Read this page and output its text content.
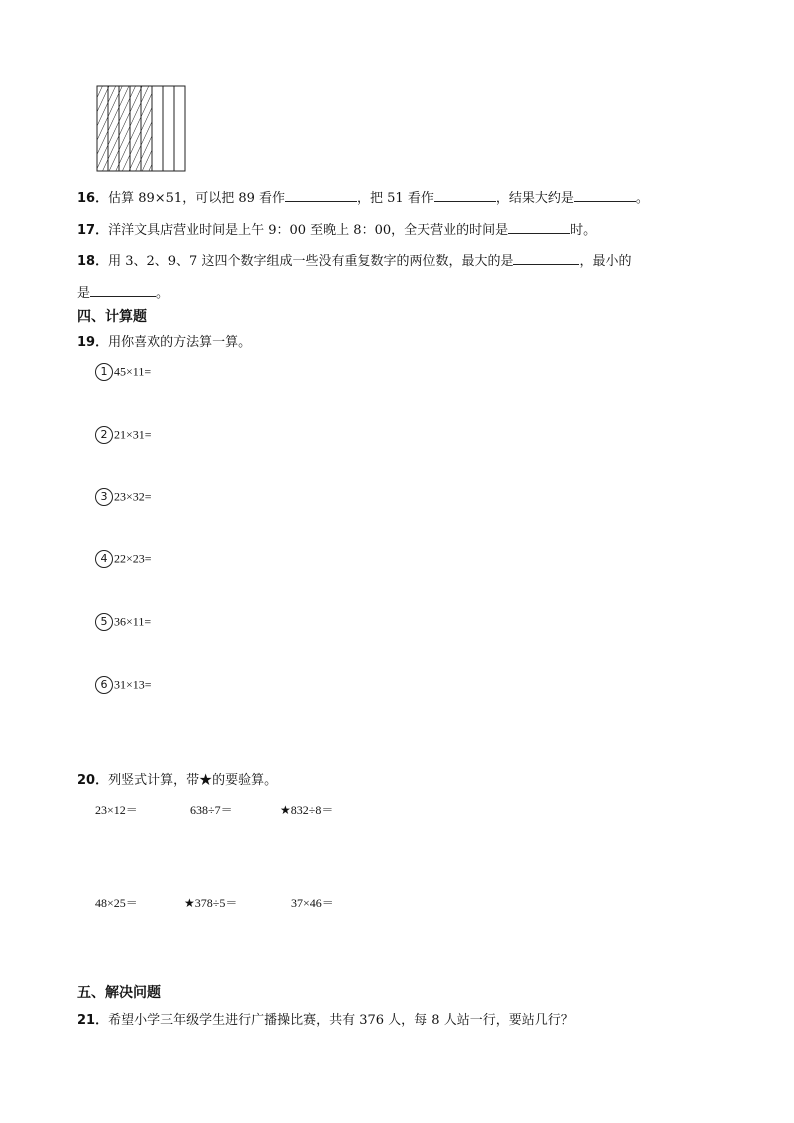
16．估算 89×51，可以把 89 看作	，把 51 看作	，结果大约是	。
17．洋洋文具店营业时间是上午 9：00 至晚上 8：00，全天营业的时间是	时。
18．用 3、2、9、7 这四个数字组成一些没有重复数字的两位数，最大的是	，最小的
是	。
四、计算题
19．用你喜欢的方法算一算。
1 45×11=
2 21×31=
3 23×32=
4 22×23=
5 36×11=
6 31×13=
20．列竖式计算，带★的要验算。
23×12＝	638÷7＝	★832÷8＝
48×25＝	★378÷5＝	37×46＝
五、解决问题
21．希望小学三年级学生进行广播操比赛，共有 376 人，每 8 人站一行，要站几行？
